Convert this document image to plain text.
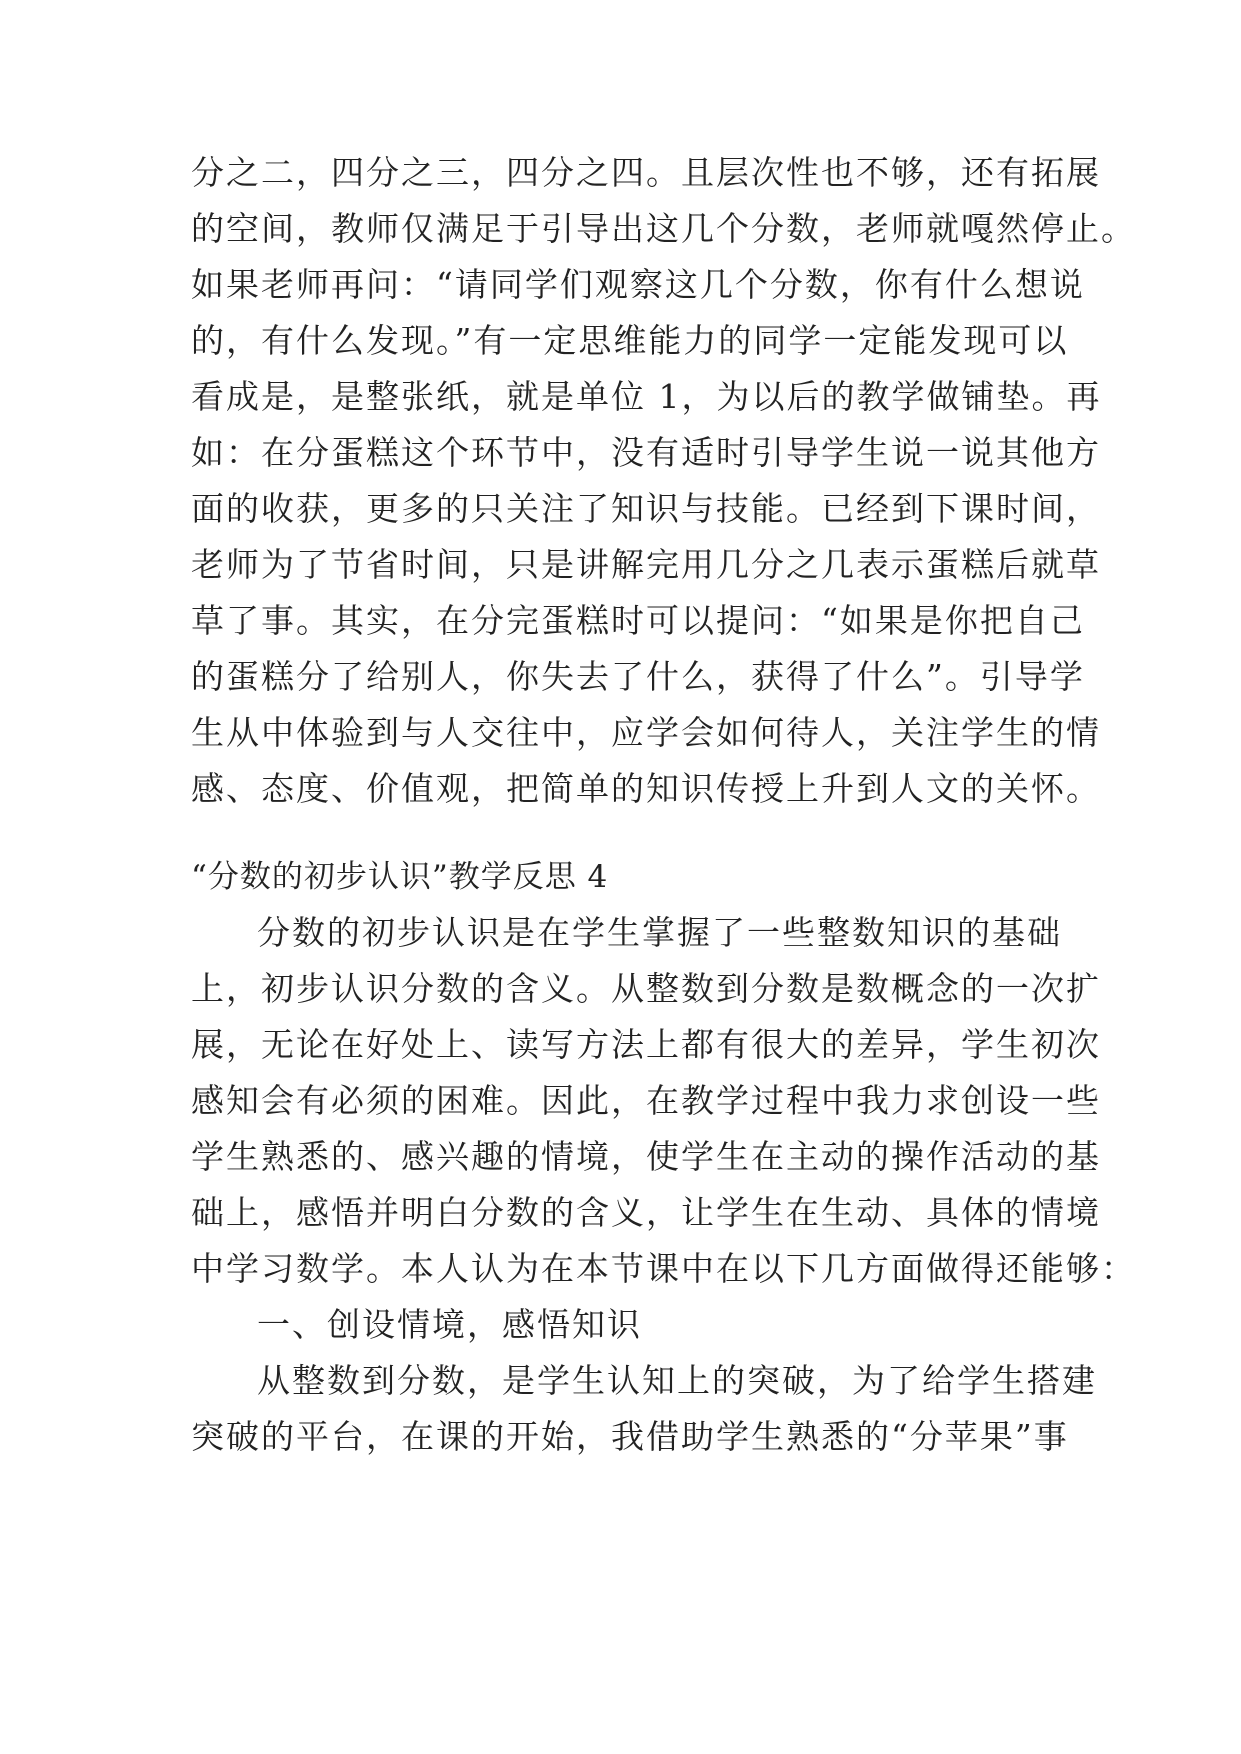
分之二，四分之三，四分之四。且层次性也不够，还有拓展
的空间，教师仅满足于引导出这几个分数，老师就嘎然停止。
如果老师再问：“请同学们观察这几个分数，你有什么想说
的，有什么发现。”有一定思维能力的同学一定能发现可以
看成是，是整张纸，就是单位 1，为以后的教学做铺垫。再
如：在分蛋糕这个环节中，没有适时引导学生说一说其他方
面的收获，更多的只关注了知识与技能。已经到下课时间，
老师为了节省时间，只是讲解完用几分之几表示蛋糕后就草
草了事。其实，在分完蛋糕时可以提问：“如果是你把自己
的蛋糕分了给别人，你失去了什么，获得了什么”。引导学
生从中体验到与人交往中，应学会如何待人，关注学生的情
感、态度、价值观，把简单的知识传授上升到人文的关怀。
“分数的初步认识”教学反思 4
分数的初步认识是在学生掌握了一些整数知识的基础
上，初步认识分数的含义。从整数到分数是数概念的一次扩
展，无论在好处上、读写方法上都有很大的差异，学生初次
感知会有必须的困难。因此，在教学过程中我力求创设一些
学生熟悉的、感兴趣的情境，使学生在主动的操作活动的基
础上，感悟并明白分数的含义，让学生在生动、具体的情境
中学习数学。本人认为在本节课中在以下几方面做得还能够：
一、创设情境，感悟知识
从整数到分数，是学生认知上的突破，为了给学生搭建
突破的平台，在课的开始，我借助学生熟悉的“分苹果”事
